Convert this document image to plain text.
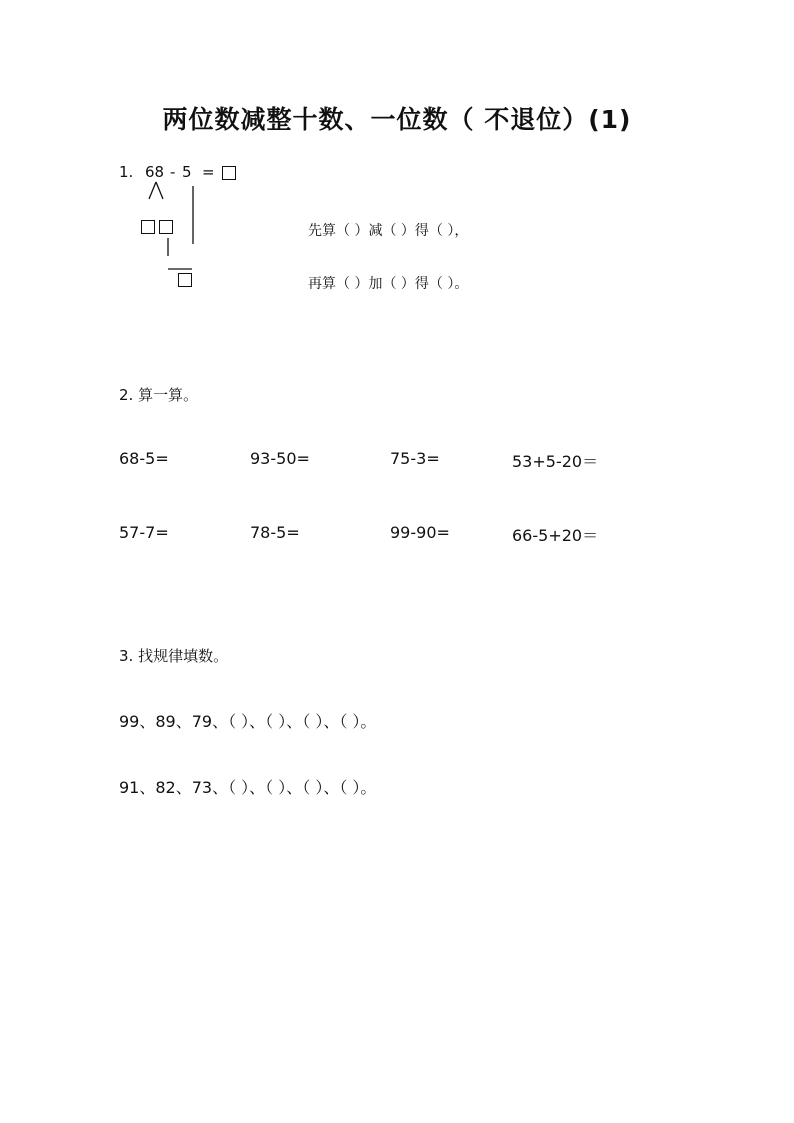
两位数减整十数、一位数（ 不退位）(1)
1. 68 - 5 =
先算（ ）减（ ）得（ ），
再算（ ）加（ ）得（ ）。
2. 算一算。
68-5=	93-50=	75-3=	53+5-20＝
57-7=	78-5=	99-90=	66-5+20＝
3. 找规律填数。
99、89、79、（ ）、（ ）、（ ）、（ ）。
91、82、73、（ ）、（ ）、（ ）、（ ）。
